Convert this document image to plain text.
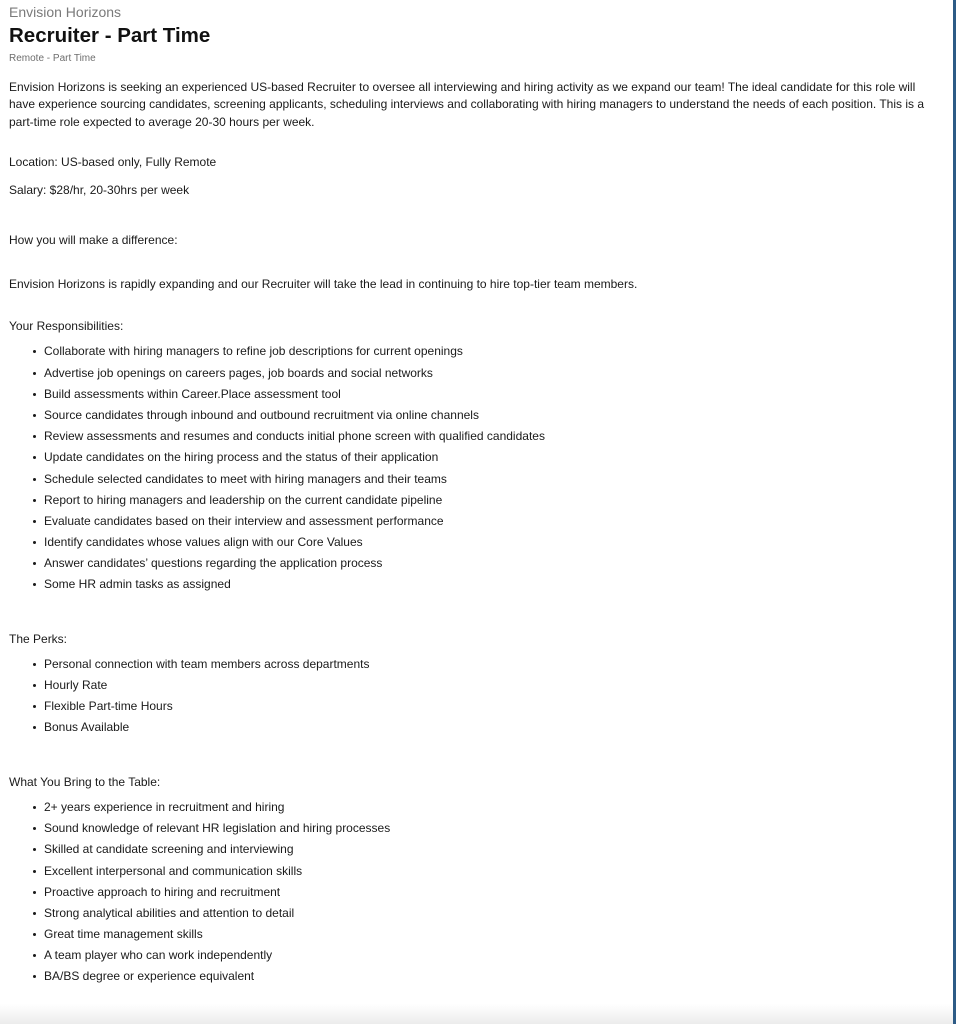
Envision Horizons

Recruiter - Part Time

Remote - Part Time

Envision Horizons is seeking an experienced US-based Recruiter to oversee all interviewing and hiring activity as we expand our team! The ideal candidate for this role will have experience sourcing candidates, screening applicants, scheduling interviews and collaborating with hiring managers to understand the needs of each position. This is a part-time role expected to average 20-30 hours per week.

Location: US-based only, Fully Remote

Salary: $28/hr, 20-30hrs per week

How you will make a difference:

Envision Horizons is rapidly expanding and our Recruiter will take the lead in continuing to hire top-tier team members.

Your Responsibilities:

Collaborate with hiring managers to refine job descriptions for current openings
Advertise job openings on careers pages, job boards and social networks
Build assessments within Career.Place assessment tool
Source candidates through inbound and outbound recruitment via online channels
Review assessments and resumes and conducts initial phone screen with qualified candidates
Update candidates on the hiring process and the status of their application
Schedule selected candidates to meet with hiring managers and their teams
Report to hiring managers and leadership on the current candidate pipeline
Evaluate candidates based on their interview and assessment performance
Identify candidates whose values align with our Core Values
Answer candidates’ questions regarding the application process
Some HR admin tasks as assigned

The Perks:

Personal connection with team members across departments
Hourly Rate
Flexible Part-time Hours
Bonus Available

What You Bring to the Table:

2+ years experience in recruitment and hiring
Sound knowledge of relevant HR legislation and hiring processes
Skilled at candidate screening and interviewing
Excellent interpersonal and communication skills
Proactive approach to hiring and recruitment
Strong analytical abilities and attention to detail
Great time management skills
A team player who can work independently
BA/BS degree or experience equivalent
